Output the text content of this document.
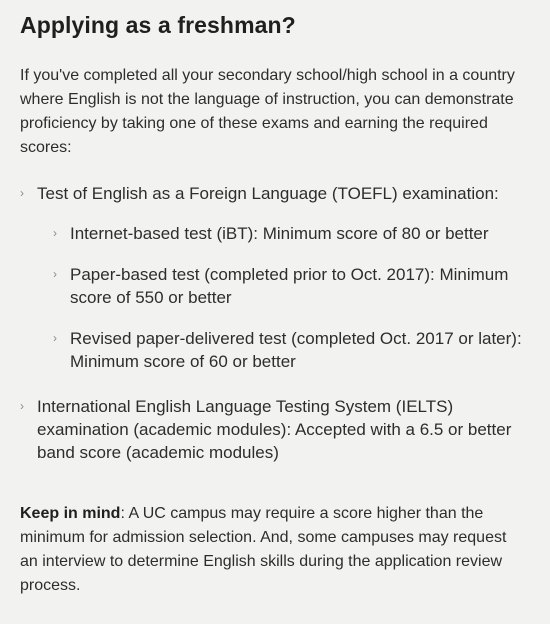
Applying as a freshman?

If you've completed all your secondary school/high school in a country where English is not the language of instruction, you can demonstrate proficiency by taking one of these exams and earning the required scores:

› Test of English as a Foreign Language (TOEFL) examination:
› Internet-based test (iBT): Minimum score of 80 or better
› Paper-based test (completed prior to Oct. 2017): Minimum score of 550 or better
› Revised paper-delivered test (completed Oct. 2017 or later): Minimum score of 60 or better
› International English Language Testing System (IELTS) examination (academic modules): Accepted with a 6.5 or better band score (academic modules)

Keep in mind: A UC campus may require a score higher than the minimum for admission selection. And, some campuses may request an interview to determine English skills during the application review process.
